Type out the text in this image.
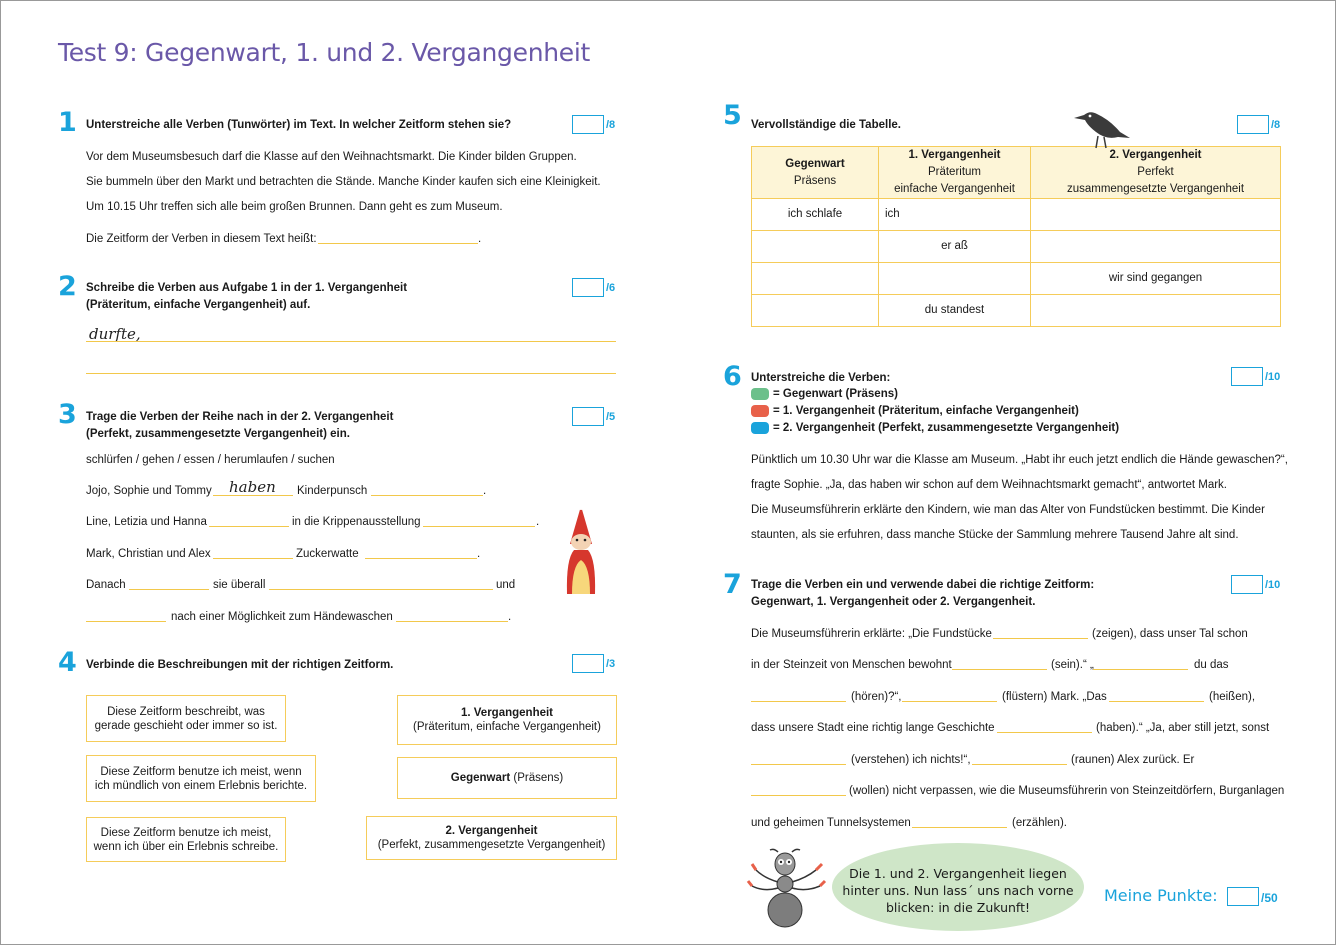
Test 9: Gegenwart, 1. und 2. Vergangenheit
1 Unterstreiche alle Verben (Tunwörter) im Text. In welcher Zeitform stehen sie?	/8
Vor dem Museumsbesuch darf die Klasse auf den Weihnachtsmarkt. Die Kinder bilden Gruppen.
Sie bummeln über den Markt und betrachten die Stände. Manche Kinder kaufen sich eine Kleinigkeit.
Um 10.15 Uhr treffen sich alle beim großen Brunnen. Dann geht es zum Museum.
Die Zeitform der Verben in diesem Text heißt:	.
2 Schreibe die Verben aus Aufgabe 1 in der 1. Vergangenheit
(Präteritum, einfache Vergangenheit) auf.
/6
durfte,
3 Trage die Verben der Reihe nach in der 2. Vergangenheit
(Perfekt, zusammengesetzte Vergangenheit) ein.
/5
schlürfen / gehen / essen / herumlaufen / suchen
Jojo, Sophie und Tommy haben Kinderpunsch	.
Line, Letizia und Hanna	in die Krippenausstellung	.
Mark, Christian und Alex	Zuckerwatte	.
Danach	sie überall	und
nach einer Möglichkeit zum Händewaschen	.
4 Verbinde die Beschreibungen mit der richtigen Zeitform.	/3
Diese Zeitform beschreibt, was
gerade geschieht oder immer so ist.
Diese Zeitform benutze ich meist, wenn
ich mündlich von einem Erlebnis berichte.
Diese Zeitform benutze ich meist,
wenn ich über ein Erlebnis schreibe.
1. Vergangenheit
(Präteritum, einfache Vergangenheit)
Gegenwart (Präsens)
2. Vergangenheit
(Perfekt, zusammengesetzte Vergangenheit)
5 Vervollständige die Tabelle.	/8
Gegenwart
Präsens	1. Vergangenheit
Präteritum
einfache Vergangenheit	2. Vergangenheit
Perfekt
zusammengesetzte Vergangenheit
ich schlafe	ich	
	er aß	
		wir sind gegangen
	du standest	
6 Unterstreiche die Verben:	/10
= Gegenwart (Präsens)
= 1. Vergangenheit (Präteritum, einfache Vergangenheit)
= 2. Vergangenheit (Perfekt, zusammengesetzte Vergangenheit)
Pünktlich um 10.30 Uhr war die Klasse am Museum. „Habt ihr euch jetzt endlich die Hände gewaschen?“,
fragte Sophie. „Ja, das haben wir schon auf dem Weihnachtsmarkt gemacht“, antwortet Mark.
Die Museumsführerin erklärte den Kindern, wie man das Alter von Fundstücken bestimmt. Die Kinder
staunten, als sie erfuhren, dass manche Stücke der Sammlung mehrere Tausend Jahre alt sind.
7 Trage die Verben ein und verwende dabei die richtige Zeitform:
Gegenwart, 1. Vergangenheit oder 2. Vergangenheit.
/10
Die Museumsführerin erklärte: „Die Fundstücke	(zeigen), dass unser Tal schon
in der Steinzeit von Menschen bewohnt	(sein).“ „	du das
(hören)?“,	(flüstern) Mark. „Das	(heißen),
dass unsere Stadt eine richtig lange Geschichte	(haben).“ „Ja, aber still jetzt, sonst
(verstehen) ich nichts!“,	(raunen) Alex zurück. Er
(wollen) nicht verpassen, wie die Museumsführerin von Steinzeitdörfern, Burganlagen
und geheimen Tunnelsystemen	(erzählen).
Die 1. und 2. Vergangenheit liegen
hinter uns. Nun lass´ uns nach vorne
blicken: in die Zukunft!
Meine Punkte:	/50
